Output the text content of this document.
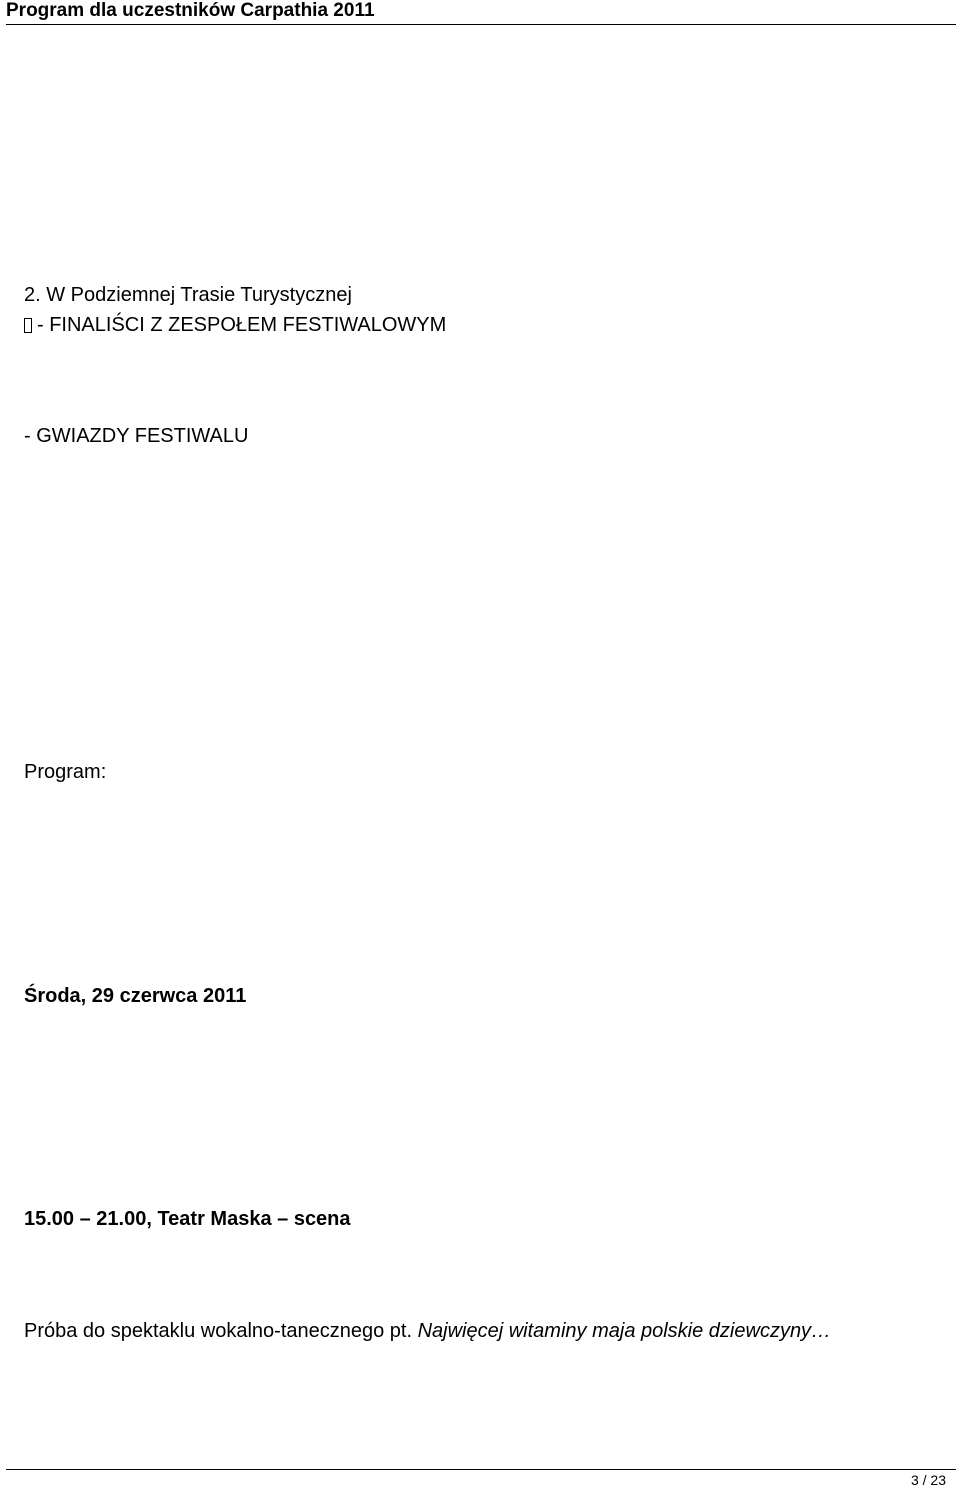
Program dla uczestników Carpathia 2011
2. W Podziemnej Trasie Turystycznej
- FINALIŚCI Z ZESPOŁEM FESTIWALOWYM
- GWIAZDY FESTIWALU
Program:
Środa, 29 czerwca 2011
15.00 – 21.00, Teatr Maska – scena
Próba do spektaklu wokalno-tanecznego pt. Najwięcej witaminy maja polskie dziewczyny…
3 / 23
